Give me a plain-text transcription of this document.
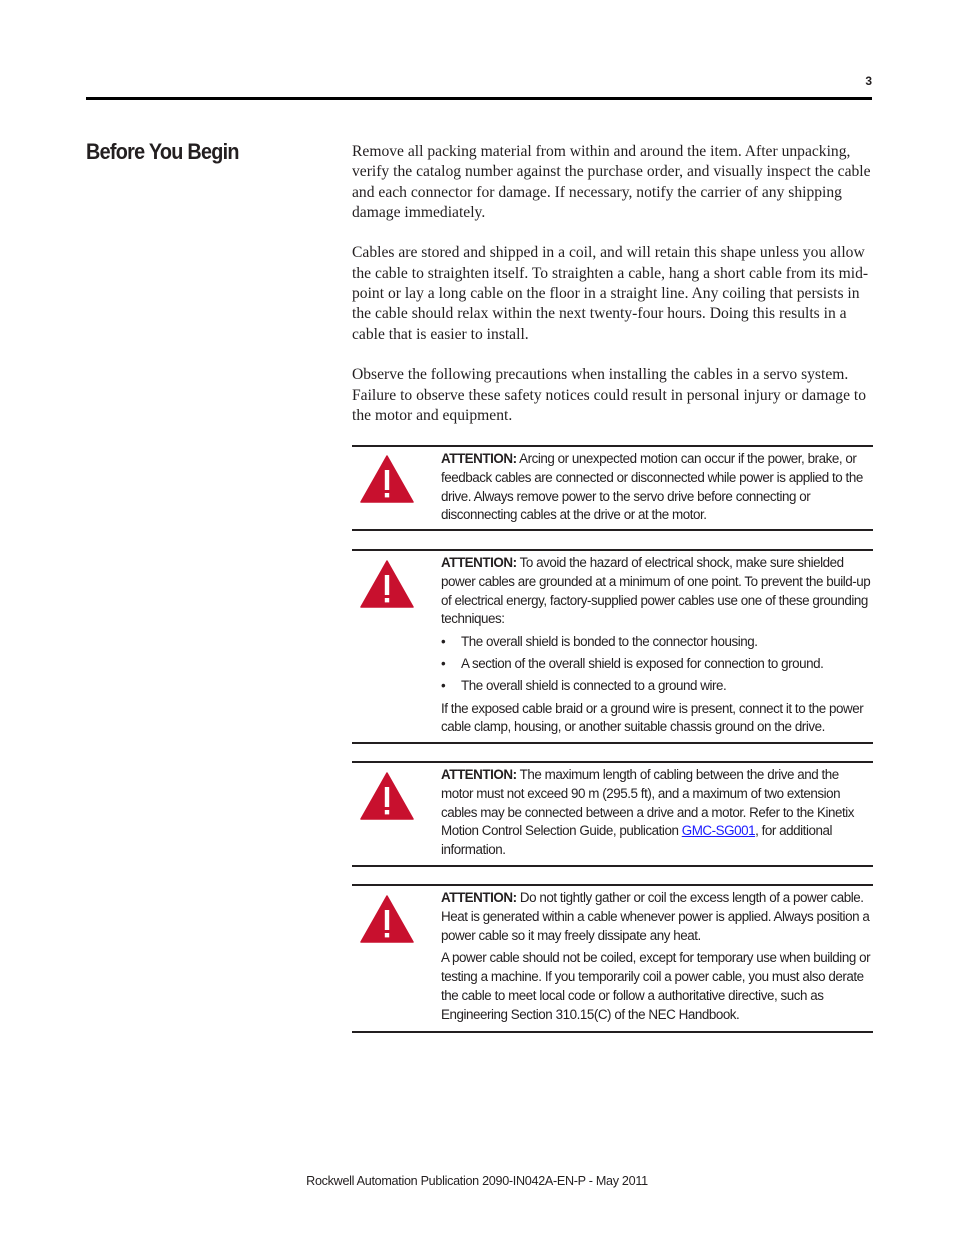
3
Before You Begin	Remove all packing material from within and around the item. After unpacking, verify the catalog number against the purchase order, and visually inspect the cable and each connector for damage. If necessary, notify the carrier of any shipping damage immediately.

Cables are stored and shipped in a coil, and will retain this shape unless you allow the cable to straighten itself. To straighten a cable, hang a short cable from its mid-point or lay a long cable on the floor in a straight line. Any coiling that persists in the cable should relax within the next twenty-four hours. Doing this results in a cable that is easier to install.

Observe the following precautions when installing the cables in a servo system. Failure to observe these safety notices could result in personal injury or damage to the motor and equipment.

ATTENTION: Arcing or unexpected motion can occur if the power, brake, or feedback cables are connected or disconnected while power is applied to the drive. Always remove power to the servo drive before connecting or disconnecting cables at the drive or at the motor.

ATTENTION: To avoid the hazard of electrical shock, make sure shielded power cables are grounded at a minimum of one point. To prevent the build-up of electrical energy, factory-supplied power cables use one of these grounding techniques:

• The overall shield is bonded to the connector housing.
• A section of the overall shield is exposed for connection to ground.
• The overall shield is connected to a ground wire.

If the exposed cable braid or a ground wire is present, connect it to the power cable clamp, housing, or another suitable chassis ground on the drive.

ATTENTION: The maximum length of cabling between the drive and the motor must not exceed 90 m (295.5 ft), and a maximum of two extension cables may be connected between a drive and a motor. Refer to the Kinetix Motion Control Selection Guide, publication GMC-SG001, for additional information.

ATTENTION: Do not tightly gather or coil the excess length of a power cable. Heat is generated within a cable whenever power is applied. Always position a power cable so it may freely dissipate any heat.

A power cable should not be coiled, except for temporary use when building or testing a machine. If you temporarily coil a power cable, you must also derate the cable to meet local code or follow a authoritative directive, such as Engineering Section 310.15(C) of the NEC Handbook.

Rockwell Automation Publication 2090-IN042A-EN-P - May 2011
